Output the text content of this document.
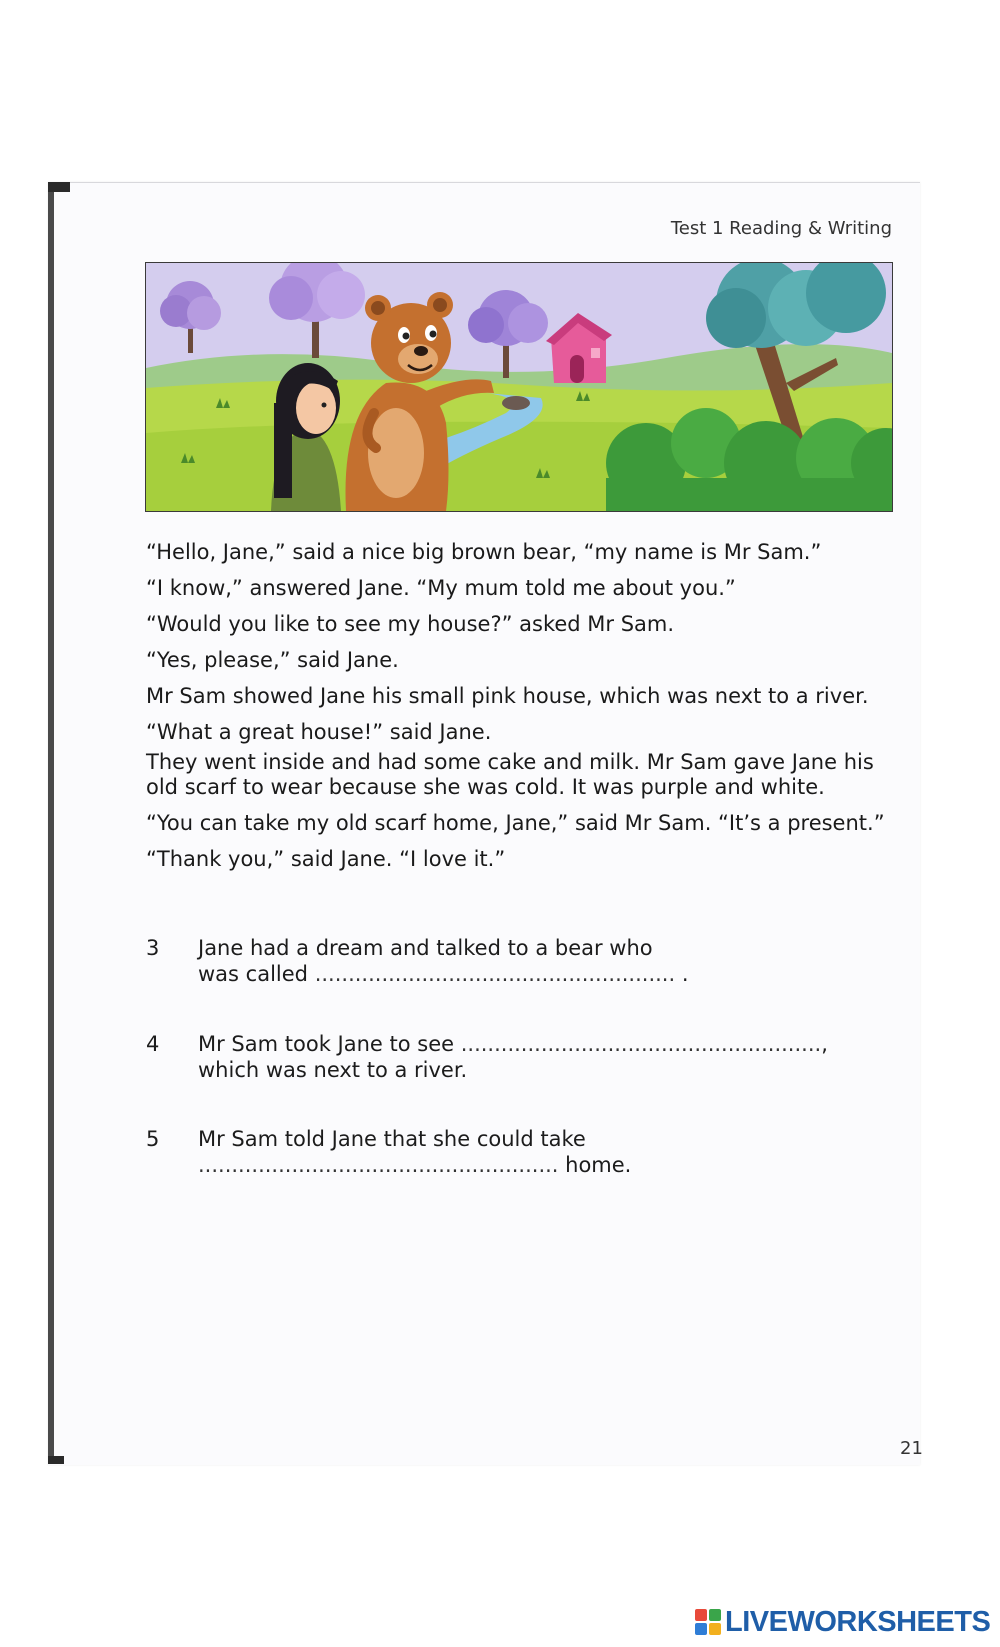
Test 1 Reading & Writing

“Hello, Jane,” said a nice big brown bear, “my name is Mr Sam.”

“I know,” answered Jane. “My mum told me about you.”

“Would you like to see my house?” asked Mr Sam.

“Yes, please,” said Jane.

Mr Sam showed Jane his small pink house, which was next to a river.

“What a great house!” said Jane.

They went inside and had some cake and milk. Mr Sam gave Jane his old scarf to wear because she was cold. It was purple and white.

“You can take my old scarf home, Jane,” said Mr Sam. “It’s a present.”

“Thank you,” said Jane. “I love it.”

3	Jane had a dream and talked to a bear who was called ...................................................... .
4	Mr Sam took Jane to see ......................................................, which was next to a river.
5	Mr Sam told Jane that she could take ...................................................... home.
21
LIVEWORKSHEETS
